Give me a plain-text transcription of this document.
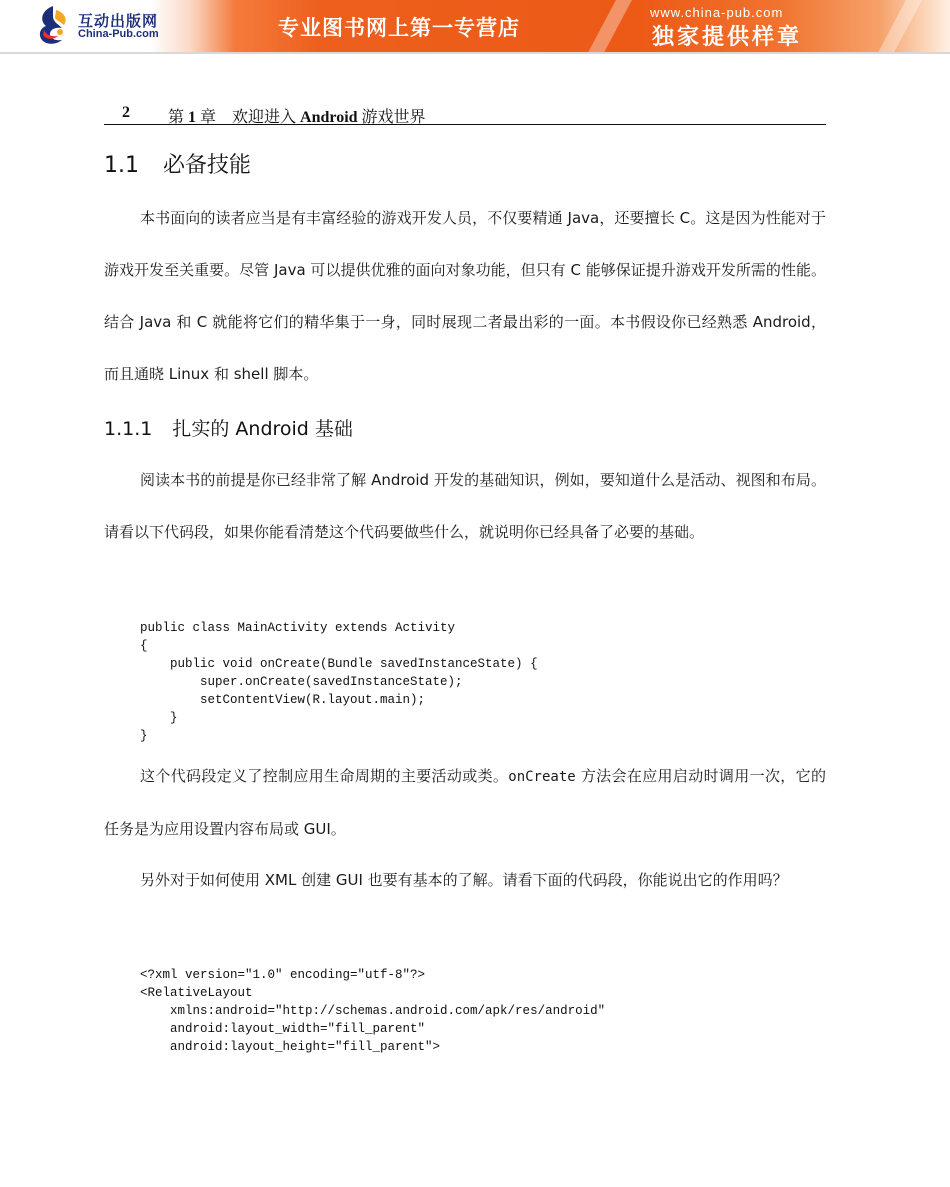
互动出版网
China-Pub.com	专业图书网上第一专营店
www.china-pub.com
独家提供样章
2 第 1 章　欢迎进入 Android 游戏世界
1.1 必备技能

本书面向的读者应当是有丰富经验的游戏开发人员，不仅要精通 Java，还要擅长 C。这是因为性能对于游戏开发至关重要。尽管 Java 可以提供优雅的面向对象功能，但只有 C 能够保证提升游戏开发所需的性能。结合 Java 和 C 就能将它们的精华集于一身，同时展现二者最出彩的一面。本书假设你已经熟悉 Android，而且通晓 Linux 和 shell 脚本。

1.1.1 扎实的 Android 基础

阅读本书的前提是你已经非常了解 Android 开发的基础知识，例如，要知道什么是活动、视图和布局。请看以下代码段，如果你能看清楚这个代码要做些什么，就说明你已经具备了必要的基础。

public class MainActivity extends Activity
{
public void onCreate(Bundle savedInstanceState) {
super.onCreate(savedInstanceState);
setContentView(R.layout.main);
}
}

这个代码段定义了控制应用生命周期的主要活动或类。onCreate 方法会在应用启动时调用一次，它的任务是为应用设置内容布局或 GUI。

另外对于如何使用 XML 创建 GUI 也要有基本的了解。请看下面的代码段，你能说出它的作用吗？

<?xml version="1.0" encoding="utf-8"?>
<RelativeLayout
xmlns:android="http://schemas.android.com/apk/res/android"
android:layout_width="fill_parent"
android:layout_height="fill_parent">
